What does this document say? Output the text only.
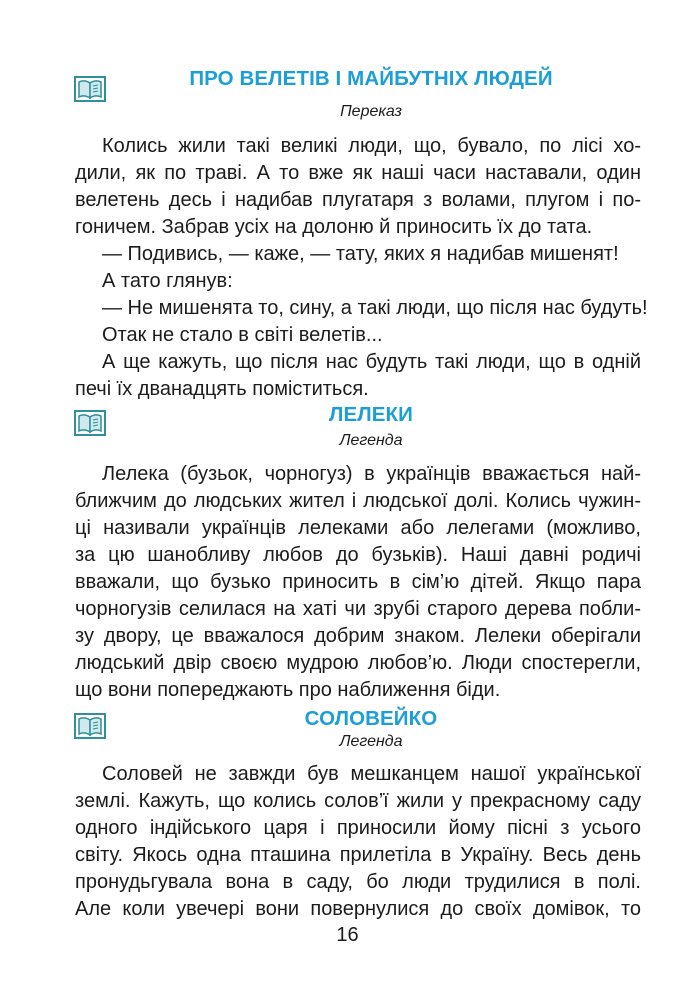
ПРО ВЕЛЕТІВ І МАЙБУТНІХ ЛЮДЕЙ
Переказ
Колись жили такі великі люди, що, бувало, по лісі хо-
дили, як по траві. А то вже як наші часи наставали, один
велетень десь і надибав плугатаря з волами, плугом і по-
гоничем. Забрав усіх на долоню й приносить їх до тата.
— Подивись, — каже, — тату, яких я надибав мишенят!
А тато глянув:
— Не мишенята то, сину, а такі люди, що після нас будуть!
Отак не стало в світі велетів...
А ще кажуть, що після нас будуть такі люди, що в одній
печі їх дванадцять поміститься.
ЛЕЛЕКИ
Легенда
Лелека (бузьок, чорногуз) в українців вважається най-
ближчим до людських жител і людської долі. Колись чужин-
ці називали українців лелеками або лелегами (можливо,
за цю шанобливу любов до бузьків). Наші давні родичі
вважали, що бузько приносить в сім’ю дітей. Якщо пара
чорногузів селилася на хаті чи зрубі старого дерева побли-
зу двору, це вважалося добрим знаком. Лелеки оберігали
людський двір своєю мудрою любов’ю. Люди спостерегли,
що вони попереджають про наближення біди.
СОЛОВЕЙКО
Легенда
Соловей не завжди був мешканцем нашої української
землі. Кажуть, що колись солов’ї жили у прекрасному саду
одного індійського царя і приносили йому пісні з усього
світу. Якось одна пташина прилетіла в Україну. Весь день
пронудьгувала вона в саду, бо люди трудилися в полі.
Але коли увечері вони повернулися до своїх домівок, то
16
